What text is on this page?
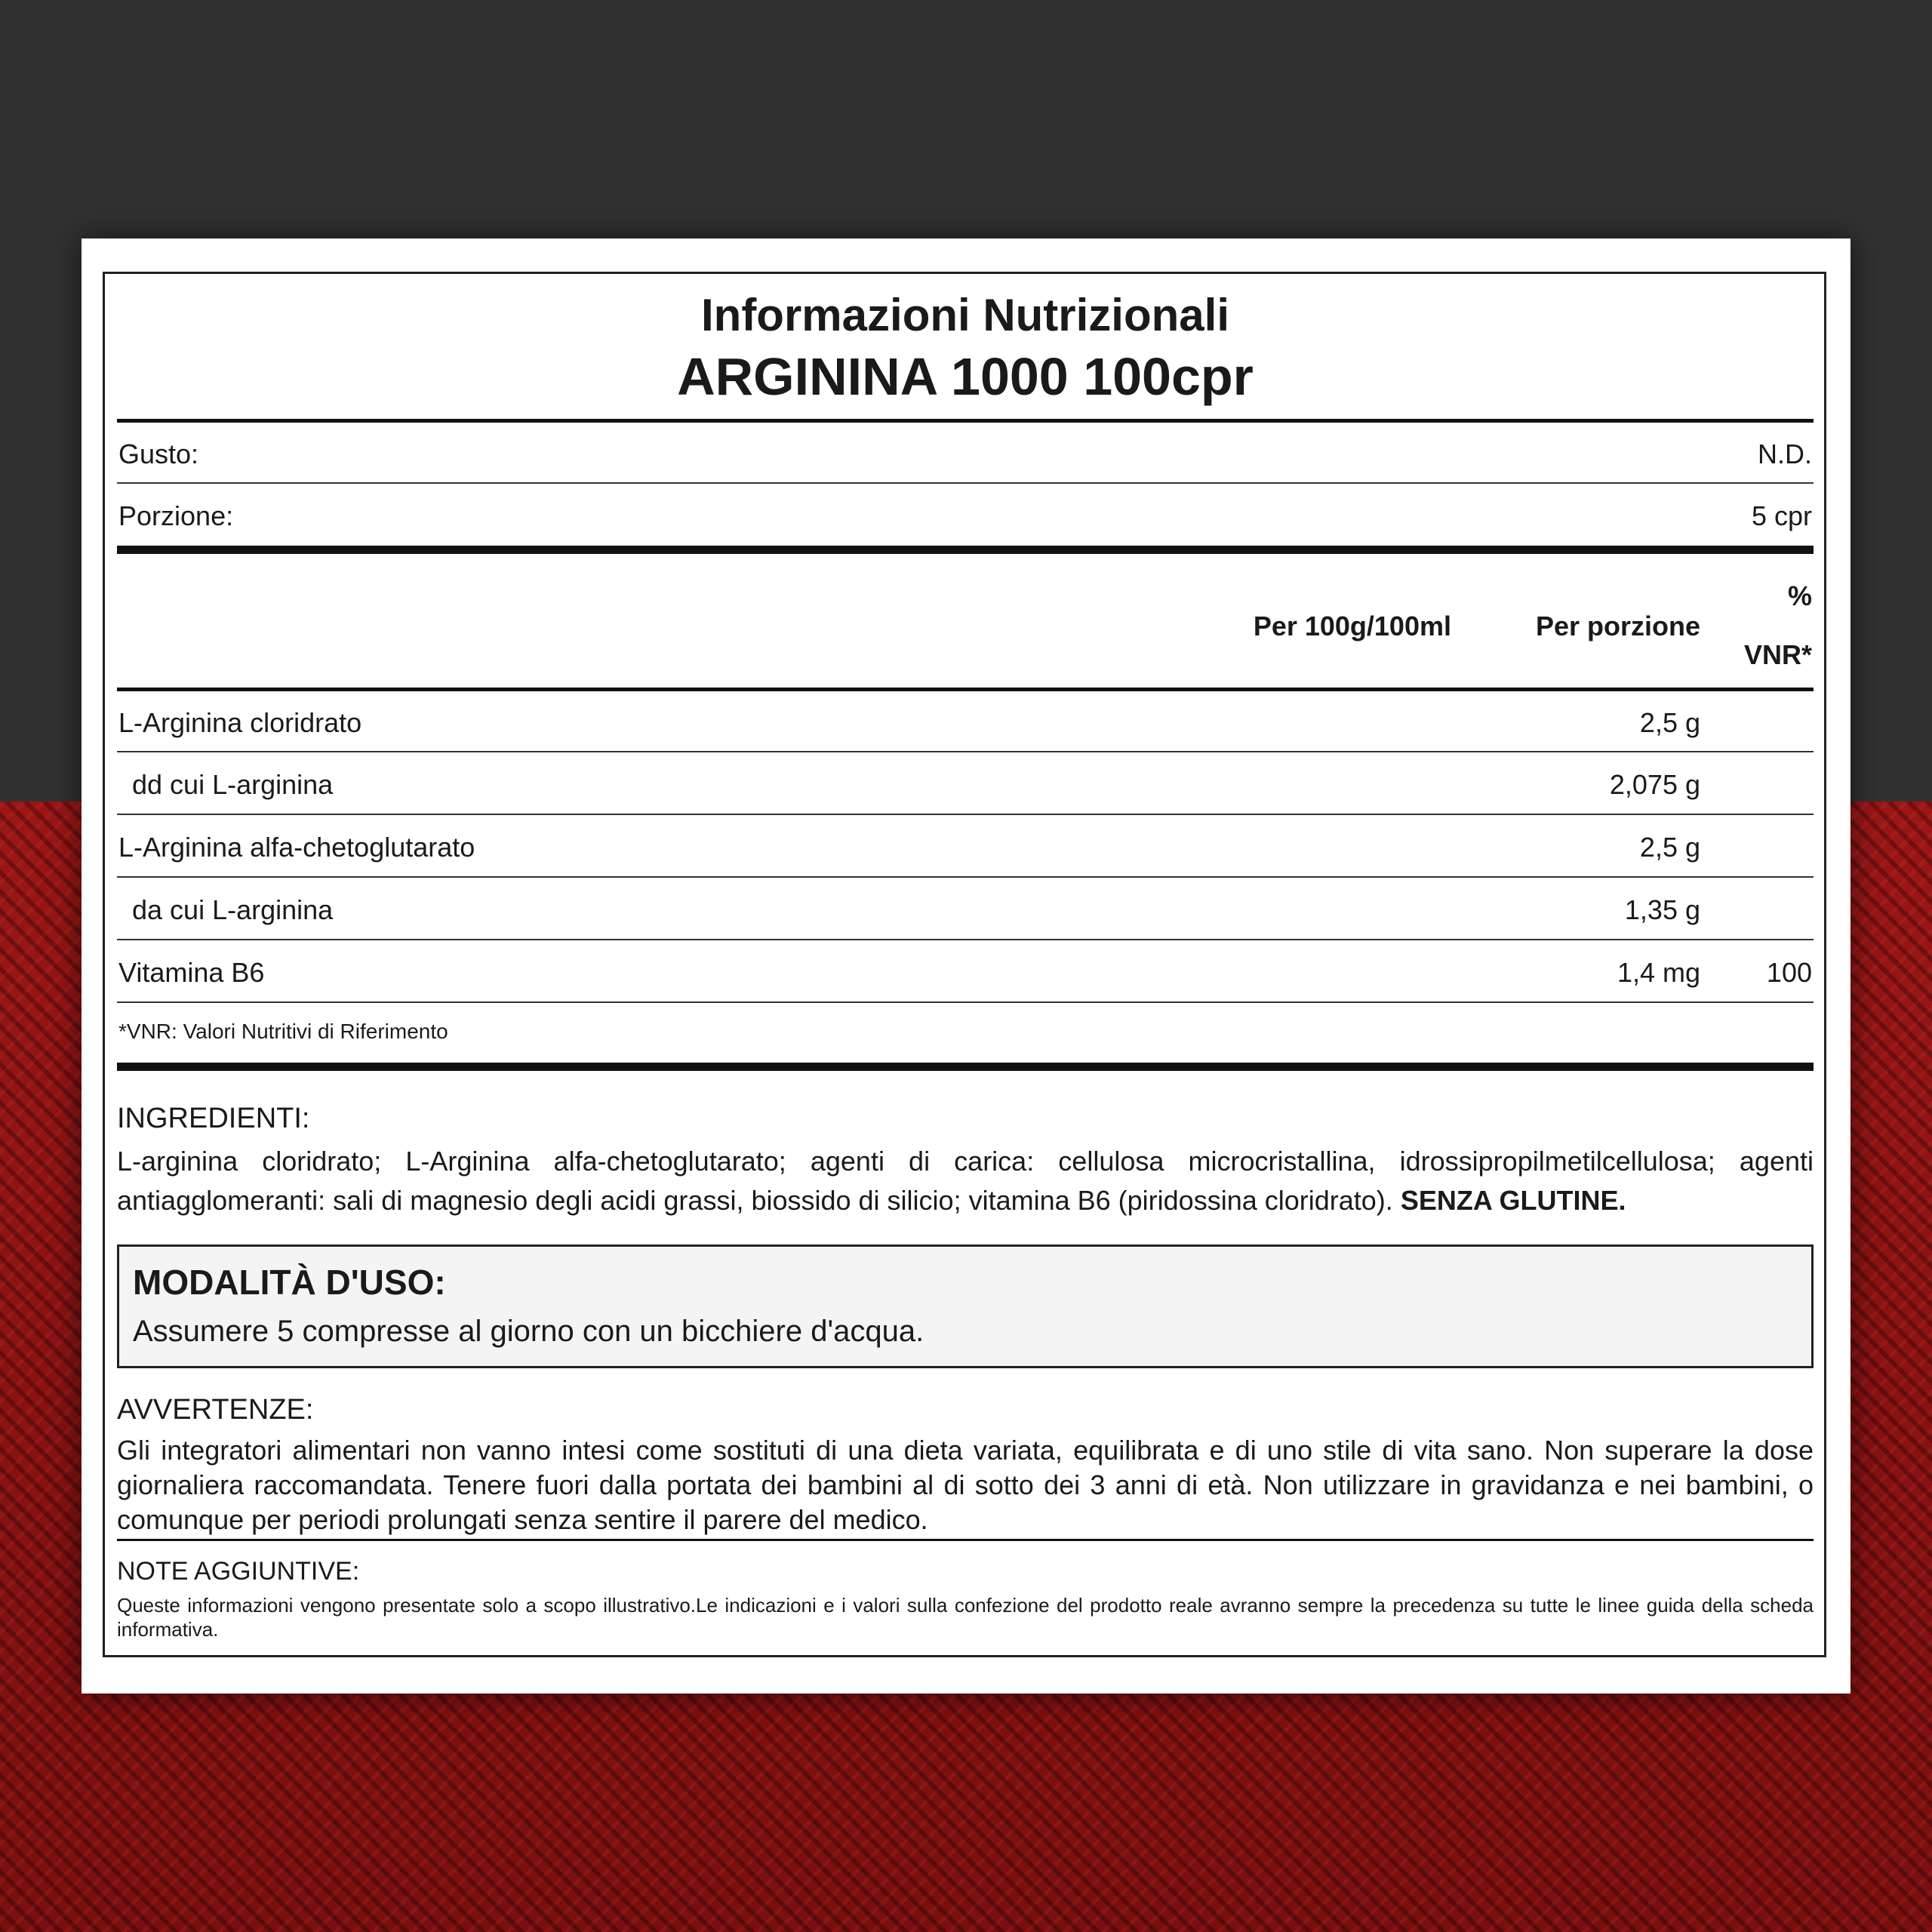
Informazioni Nutrizionali
ARGININA 1000 100cpr
Gusto:	N.D.
Porzione:	5 cpr
Per 100g/100ml	Per porzione
%
VNR*
L-Arginina cloridrato	2,5 g
dd cui L-arginina	2,075 g
L-Arginina alfa-chetoglutarato	2,5 g
da cui L-arginina	1,35 g
Vitamina B6	1,4 mg 100
*VNR: Valori Nutritivi di Riferimento
INGREDIENTI:
L-arginina cloridrato; L-Arginina alfa-chetoglutarato; agenti di carica: cellulosa microcristallina, idrossipropilmetilcellulosa; agenti antiagglomeranti: sali di magnesio degli acidi grassi, biossido di silicio; vitamina B6 (piridossina cloridrato). SENZA GLUTINE.
MODALITÀ D'USO:
Assumere 5 compresse al giorno con un bicchiere d'acqua.
AVVERTENZE:
Gli integratori alimentari non vanno intesi come sostituti di una dieta variata, equilibrata e di uno stile di vita sano. Non superare la dose giornaliera raccomandata. Tenere fuori dalla portata dei bambini al di sotto dei 3 anni di età. Non utilizzare in gravidanza e nei bambini, o comunque per periodi prolungati senza sentire il parere del medico.
NOTE AGGIUNTIVE:
Queste informazioni vengono presentate solo a scopo illustrativo.Le indicazioni e i valori sulla confezione del prodotto reale avranno sempre la precedenza su tutte le linee guida della scheda informativa.
